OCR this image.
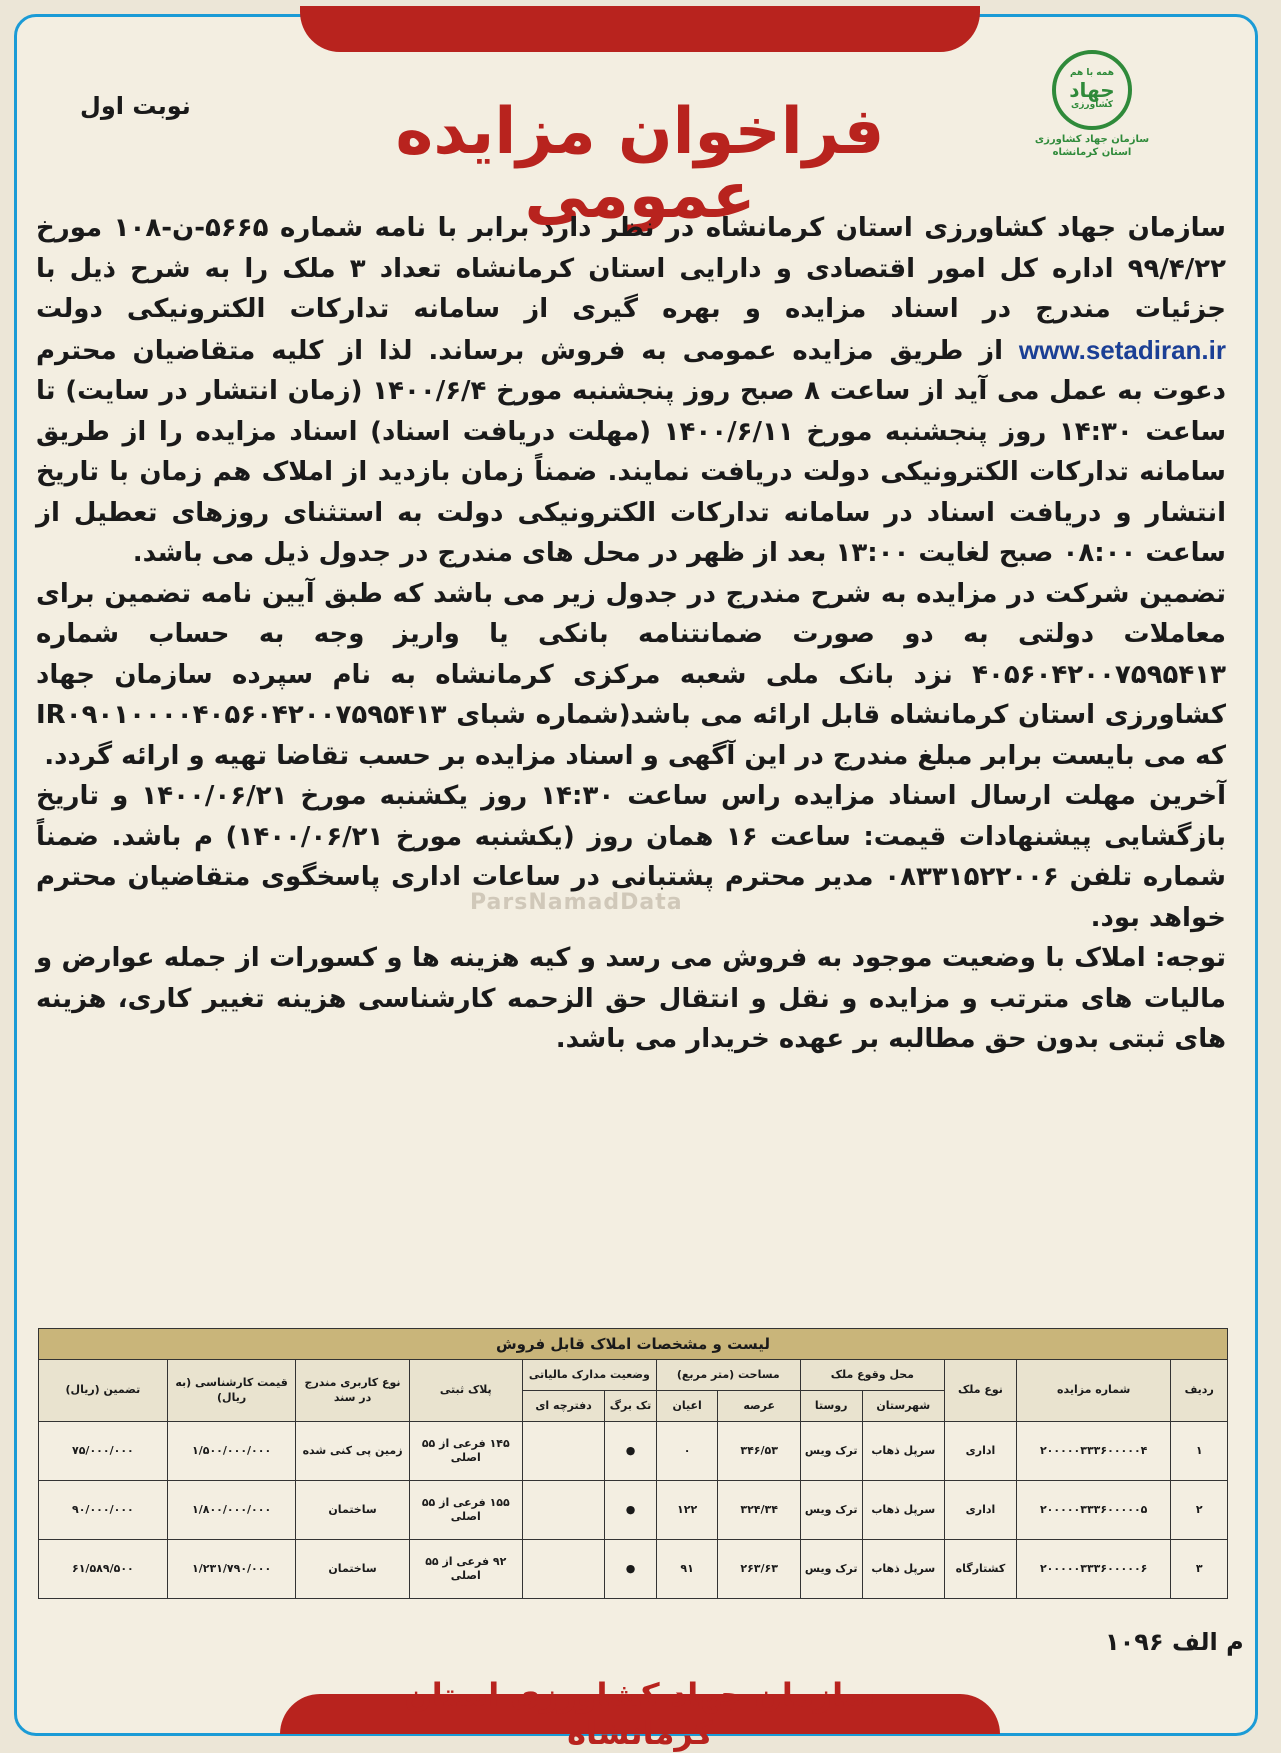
همه با هم
جهاد
کشاورزی
سازمان جهاد کشاورزی
استان کرمانشاه
نوبت اول	فراخوان مزایده عمومی

سازمان جهاد کشاورزی استان کرمانشاه در نظر دارد برابر با نامه شماره ۵۶۶۵-ن-۱۰۸ مورخ ۹۹/۴/۲۲ اداره کل امور اقتصادی و دارایی استان کرمانشاه تعداد ۳ ملک را به شرح ذیل با جزئیات مندرج در اسناد مزایده و بهره گیری از سامانه تدارکات الکترونیکی دولت www.setadiran.ir از طریق مزایده عمومی به فروش برساند. لذا از کلیه متقاضیان محترم دعوت به عمل می آید از ساعت ۸ صبح روز پنجشنبه مورخ ۱۴۰۰/۶/۴ (زمان انتشار در سایت) تا ساعت ۱۴:۳۰ روز پنجشنبه مورخ ۱۴۰۰/۶/۱۱ (مهلت دریافت اسناد) اسناد مزایده را از طریق سامانه تدارکات الکترونیکی دولت دریافت نمایند. ضمناً زمان بازدید از املاک هم زمان با تاریخ انتشار و دریافت اسناد در سامانه تدارکات الکترونیکی دولت به استثنای روزهای تعطیل از ساعت ۰۸:۰۰ صبح لغایت ۱۳:۰۰ بعد از ظهر در محل های مندرج در جدول ذیل می باشد.

تضمین شرکت در مزایده به شرح مندرج در جدول زیر می باشد که طبق آیین نامه تضمین برای معاملات دولتی به دو صورت ضمانتنامه بانکی یا واریز وجه به حساب شماره ۴۰۵۶۰۴۲۰۰۷۵۹۵۴۱۳ نزد بانک ملی شعبه مرکزی کرمانشاه به نام سپرده سازمان جهاد کشاورزی استان کرمانشاه قابل ارائه می باشد(شماره شبای IR۰۹۰۱۰۰۰۰۴۰۵۶۰۴۲۰۰۷۵۹۵۴۱۳ که می بایست برابر مبلغ مندرج در این آگهی و اسناد مزایده بر حسب تقاضا تهیه و ارائه گردد.

آخرین مهلت ارسال اسناد مزایده راس ساعت ۱۴:۳۰ روز یکشنبه مورخ ۱۴۰۰/۰۶/۲۱ و تاریخ بازگشایی پیشنهادات قیمت: ساعت ۱۶ همان روز (یکشنبه مورخ ۱۴۰۰/۰۶/۲۱) م باشد. ضمناً شماره تلفن ۰۸۳۳۱۵۲۲۰۰۶ مدیر محترم پشتبانی در ساعات اداری پاسخگوی متقاضیان محترم خواهد بود.

توجه: املاک با وضعیت موجود به فروش می رسد و کیه هزینه ها و کسورات از جمله عوارض و مالیات های مترتب و مزایده و نقل و انتقال حق الزحمه کارشناسی هزینه تغییر کاری، هزینه های ثبتی بدون حق مطالبه بر عهده خریدار می باشد.

ParsNamadData
لیست و مشخصات املاک قابل فروش
ردیف	شماره مزایده	نوع ملک	محل وقوع ملک		مساحت (متر مربع)		وضعیت مدارک مالیاتی		پلاک ثبتی	نوع کاربری مندرج در سند	قیمت کارشناسی (به ریال)	تضمین (ریال)
			شهرستان	روستا	عرصه	اعیان	تک برگ	دفترچه ای				
۱	۲۰۰۰۰۰۳۳۳۶۰۰۰۰۰۴	اداری	سرپل ذهاب	ترک ویس	۳۴۶/۵۳	۰	●		۱۴۵ فرعی از ۵۵ اصلی	زمین پی کنی شده	۱/۵۰۰/۰۰۰/۰۰۰	۷۵/۰۰۰/۰۰۰
۲	۲۰۰۰۰۰۳۳۳۶۰۰۰۰۰۵	اداری	سرپل ذهاب	ترک ویس	۳۲۴/۳۴	۱۲۲	●		۱۵۵ فرعی از ۵۵ اصلی	ساختمان	۱/۸۰۰/۰۰۰/۰۰۰	۹۰/۰۰۰/۰۰۰
۳	۲۰۰۰۰۰۳۳۳۶۰۰۰۰۰۶	کشتارگاه	سرپل ذهاب	ترک ویس	۲۶۳/۶۳	۹۱	●		۹۲ فرعی از ۵۵ اصلی	ساختمان	۱/۲۳۱/۷۹۰/۰۰۰	۶۱/۵۸۹/۵۰۰
م الف ۱۰۹۶
سازمان جهاد کشاورزی استان کرمانشاه
